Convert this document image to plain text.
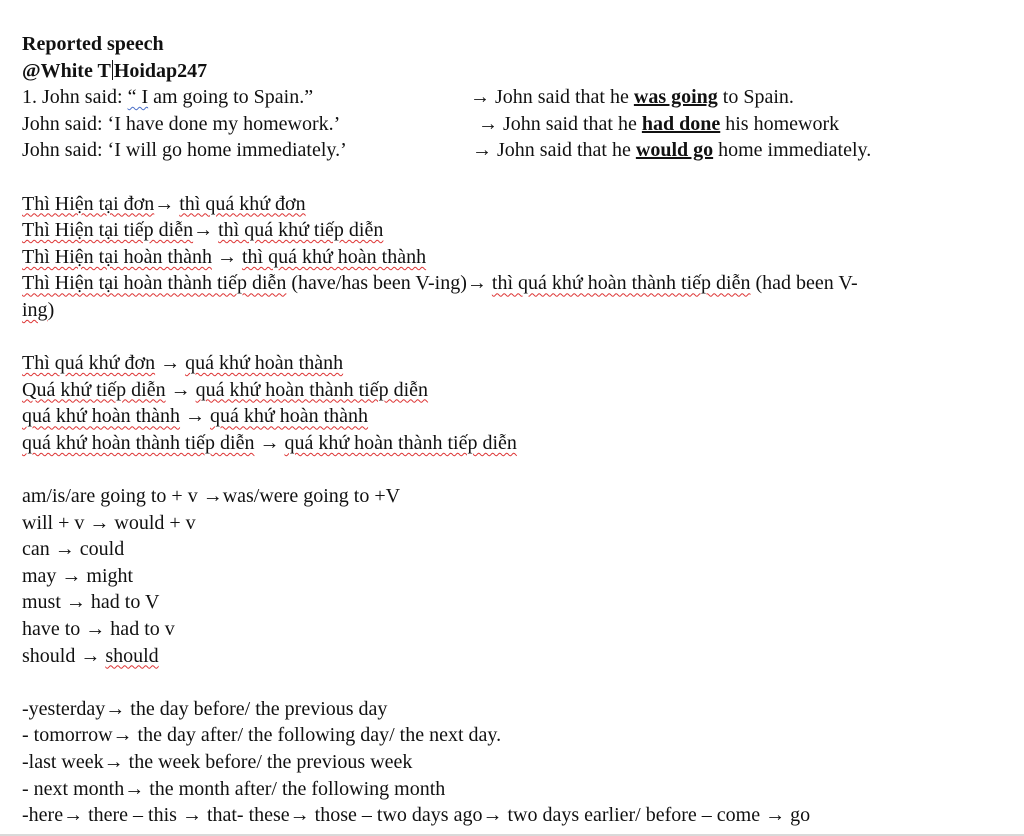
Reported speech
@White T Hoidap247
1. John said: “ I am going to Spain.”	→ John said that he was going to Spain.
John said: ‘I have done my homework.’	→ John said that he had done his homework
John said: ‘I will go home immediately.’	→ John said that he would go home immediately.
Thì Hiện tại đơn→ thì quá khứ đơn
Thì Hiện tại tiếp diễn→ thì quá khứ tiếp diễn
Thì Hiện tại hoàn thành → thì quá khứ hoàn thành
Thì Hiện tại hoàn thành tiếp diễn (have/has been V-ing)→ thì quá khứ hoàn thành tiếp diễn (had been V-
ing)
Thì quá khứ đơn → quá khứ hoàn thành
Quá khứ tiếp diễn → quá khứ hoàn thành tiếp diễn
quá khứ hoàn thành → quá khứ hoàn thành
quá khứ hoàn thành tiếp diễn → quá khứ hoàn thành tiếp diễn
am/is/are going to + v →was/were going to +V
will + v → would + v
can → could
may → might
must → had to V
have to → had to v
should → should
-yesterday→ the day before/ the previous day
- tomorrow→ the day after/ the following day/ the next day.
-last week→ the week before/ the previous week
- next month→ the month after/ the following month
-here→ there – this → that- these→ those – two days ago→ two days earlier/ before – come → go
